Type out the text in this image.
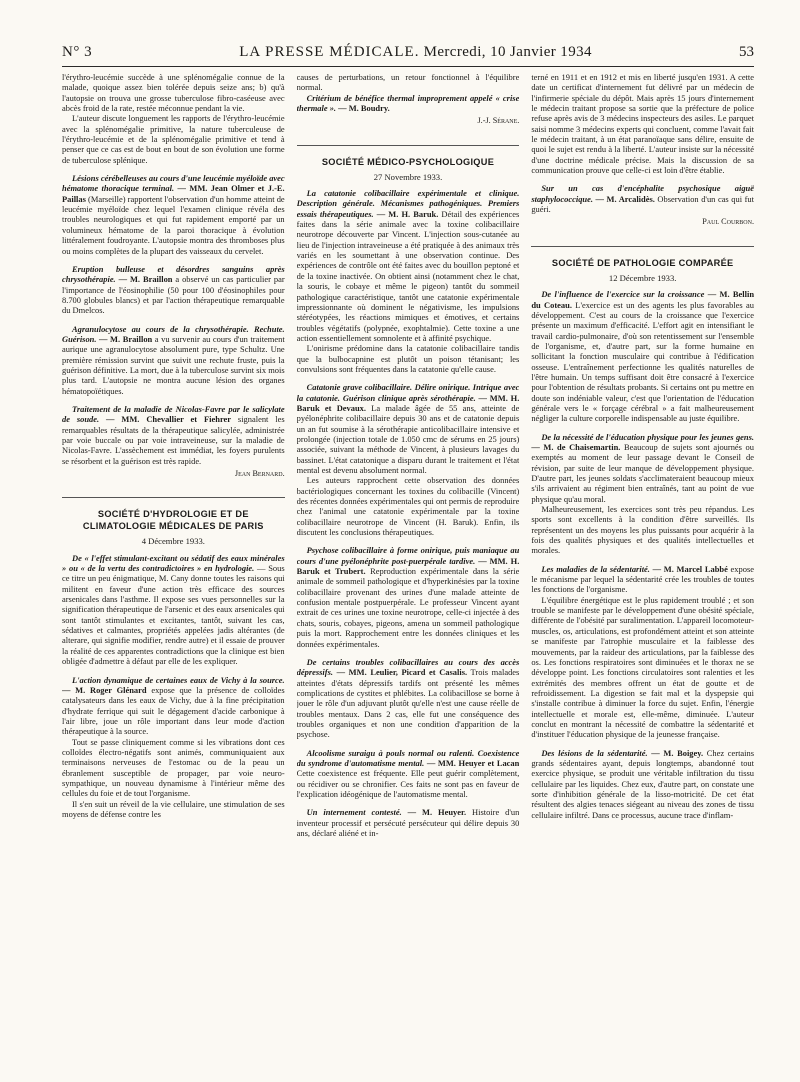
N° 3	LA PRESSE MÉDICALE. Mercredi, 10 Janvier 1934	53

l'érythro-leucémie succède à une splénomégalie connue de la malade, quoique assez bien tolérée depuis seize ans; b) qu'à l'autopsie on trouva une grosse tuberculose fibro-caséeuse avec abcès froid de la rate, restée méconnue pendant la vie.

L'auteur discute longuement les rapports de l'érythro-leucémie avec la splénomégalie primitive, la nature tuberculeuse de l'érythro-leucémie et de la splénomégalie primitive et tend à penser que ce cas est de bout en bout de son évolution une forme de tuberculose splénique.

Lésions cérébelleuses au cours d'une leucémie myéloïde avec hématome thoracique terminal. — MM. Jean Olmer et J.-E. Paillas (Marseille) rapportent l'observation d'un homme atteint de leucémie myéloïde chez lequel l'examen clinique révéla des troubles neurologiques et qui fut rapidement emporté par un volumineux hématome de la paroi thoracique à évolution littéralement foudroyante. L'autopsie montra des thromboses plus ou moins complètes de la plupart des vaisseaux du cervelet.

Eruption bulleuse et désordres sanguins après chrysothérapie. — M. Braillon a observé un cas particulier par l'importance de l'éosinophilie (50 pour 100 d'éosinophiles pour 8.700 globules blancs) et par l'action thérapeutique remarquable du Dmelcos.

Agranulocytose au cours de la chrysothérapie. Rechute. Guérison. — M. Braillon a vu survenir au cours d'un traitement aurique une agranulocytose absolument pure, type Schultz. Une première rémission survint que suivit une rechute fruste, puis la guérison définitive. La mort, due à la tuberculose survint six mois plus tard. L'autopsie ne montra aucune lésion des organes hématopoïétiques.

Traitement de la maladie de Nicolas-Favre par le salicylate de soude. — MM. Chevallier et Fiehrer signalent les remarquables résultats de la thérapeutique salicylée, administrée par voie buccale ou par voie intraveineuse, sur la maladie de Nicolas-Favre. L'assèchement est immédiat, les foyers purulents se résorbent et la guérison est très rapide.

Jean Bernard.
SOCIÉTÉ D'HYDROLOGIE ET DE CLIMATOLOGIE MÉDICALES DE PARIS
4 Décembre 1933.

De « l'effet stimulant-excitant ou sédatif des eaux minérales » ou « de la vertu des contradictoires » en hydrologie. — Sous ce titre un peu énigmatique, M. Cany donne toutes les raisons qui militent en faveur d'une action très efficace des sources arsenicales dans l'asthme. Il expose ses vues personnelles sur la signification thérapeutique de l'arsenic et des eaux arsenicales qui sont tantôt stimulantes et excitantes, tantôt, suivant les cas, sédatives et calmantes, propriétés appelées jadis altérantes (de alterare, qui signifie modifier, rendre autre) et il essaie de prouver la réalité de ces apparentes contradictions que la clinique est bien obligée d'admettre à défaut par elle de les expliquer.

L'action dynamique de certaines eaux de Vichy à la source. — M. Roger Glénard expose que la présence de colloïdes catalysateurs dans les eaux de Vichy, due à la fine précipitation d'hydrate ferrique qui suit le dégagement d'acide carbonique à l'air libre, joue un rôle important dans leur mode d'action thérapeutique à la source.

Tout se passe cliniquement comme si les vibrations dont ces colloïdes électro-négatifs sont animés, communiquaient aux terminaisons nerveuses de l'estomac ou de la peau un ébranlement susceptible de propager, par voie neuro-sympathique, un nouveau dynamisme à l'intérieur même des cellules du foie et de tout l'organisme.

Il s'en suit un réveil de la vie cellulaire, une stimulation de ses moyens de défense contre les

causes de perturbations, un retour fonctionnel à l'équilibre normal.

Critérium de bénéfice thermal improprement appelé « crise thermale ». — M. Boudry.

J.-J. Sérane.
SOCIÉTÉ MÉDICO-PSYCHOLOGIQUE
27 Novembre 1933.

La catatonie colibacillaire expérimentale et clinique. Description générale. Mécanismes pathogéniques. Premiers essais thérapeutiques. — M. H. Baruk. Détail des expériences faites dans la série animale avec la toxine colibacillaire neurotrope découverte par Vincent. L'injection sous-cutanée au lieu de l'injection intraveineuse a été pratiquée à des animaux très variés en les soumettant à une observation continue. Des expériences de contrôle ont été faites avec du bouillon peptoné et de la toxine inactivée. On obtient ainsi (notamment chez le chat, la souris, le cobaye et même le pigeon) tantôt du sommeil pathologique caractéristique, tantôt une catatonie expérimentale impressionnante où dominent le négativisme, les impulsions stéréotypées, les réactions mimiques et émotives, et certains troubles végétatifs (polypnée, exophtalmie). Cette toxine a une action essentiellement somnolente et à affinité psychique.

L'onirisme prédomine dans la catatonie colibacillaire tandis que la bulbocapnine est plutôt un poison tétanisant; les convulsions sont fréquentes dans la catatonie qu'elle cause.

Catatonie grave colibacillaire. Délire onirique. Intrique avec la catatonie. Guérison clinique après sérothérapie. — MM. H. Baruk et Devaux. La malade âgée de 55 ans, atteinte de pyélonéphrite colibacillaire depuis 30 ans et de catatonie depuis un an fut soumise à la sérothérapie anticolibacillaire intensive et prolongée (injection totale de 1.050 cmc de sérums en 25 jours) associée, suivant la méthode de Vincent, à plusieurs lavages du bassinet. L'état catatonique a disparu durant le traitement et l'état mental est devenu absolument normal.

Les auteurs rapprochent cette observation des données bactériologiques concernant les toxines du colibacille (Vincent) des récentes données expérimentales qui ont permis de reproduire chez l'animal une catatonie expérimentale par la toxine colibacillaire neurotrope de Vincent (H. Baruk). Enfin, ils discutent les conclusions thérapeutiques.

Psychose colibacillaire à forme onirique, puis maniaque au cours d'une pyélonéphrite post-puerpérale tardive. — MM. H. Baruk et Trubert. Reproduction expérimentale dans la série animale de sommeil pathologique et d'hyperkinésies par la toxine colibacillaire provenant des urines d'une malade atteinte de confusion mentale postpuerpérale. Le professeur Vincent ayant extrait de ces urines une toxine neurotrope, celle-ci injectée à des chats, souris, cobayes, pigeons, amena un sommeil pathologique puis la mort. Rapprochement entre les données cliniques et les données expérimentales.

De certains troubles colibacillaires au cours des accès dépressifs. — MM. Leulier, Picard et Casalis. Trois malades atteintes d'états dépressifs tardifs ont présenté les mêmes complications de cystites et phlébites. La colibacillose se borne à jouer le rôle d'un adjuvant plutôt qu'elle n'est une cause réelle de troubles mentaux. Dans 2 cas, elle fut une conséquence des troubles organiques et non une condition d'apparition de la psychose.

Alcoolisme suraigu à pouls normal ou ralenti. Coexistence du syndrome d'automatisme mental. — MM. Heuyer et Lacan Cette coexistence est fréquente. Elle peut guérir complètement, ou récidiver ou se chronifier. Ces faits ne sont pas en faveur de l'explication idéogénique de l'automatisme mental.

Un internement contesté. — M. Heuyer. Histoire d'un inventeur processif et persécuté persécuteur qui délire depuis 30 ans, déclaré aliéné et in-

terné en 1911 et en 1912 et mis en liberté jusqu'en 1931. A cette date un certificat d'internement fut délivré par un médecin de l'infirmerie spéciale du dépôt. Mais après 15 jours d'internement le médecin traitant propose sa sortie que la préfecture de police refuse après avis de 3 médecins inspecteurs des asiles. Le parquet saisi nomme 3 médecins experts qui concluent, comme l'avait fait le médecin traitant, à un état paranoïaque sans délire, ensuite de quoi le sujet est rendu à la liberté. L'auteur insiste sur la nécessité d'une doctrine médicale précise. Mais la discussion de sa communication prouve que celle-ci est loin d'être établie.

Sur un cas d'encéphalite psychosique aiguë staphylococcique. — M. Arcalidès. Observation d'un cas qui fut guéri.

Paul Courbon.
SOCIÉTÉ DE PATHOLOGIE COMPARÉE
12 Décembre 1933.

De l'influence de l'exercice sur la croissance — M. Bellin du Coteau. L'exercice est un des agents les plus favorables au développement. C'est au cours de la croissance que l'exercice présente un maximum d'efficacité. L'effort agit en intensifiant le travail cardio-pulmonaire, d'où son retentissement sur l'ensemble de l'organisme, et, d'autre part, sur la forme humaine en sollicitant la fonction musculaire qui contribue à l'édification osseuse. L'entraînement perfectionne les qualités naturelles de l'être humain. Un temps suffisant doit être consacré à l'exercice pour l'obtention de résultats probants. Si certains ont pu mettre en doute son indéniable valeur, c'est que l'orientation de l'éducation générale vers le « forçage cérébral » a fait malheureusement négliger la culture corporelle indispensable au juste équilibre.

De la nécessité de l'éducation physique pour les jeunes gens. — M. de Chaisemartin. Beaucoup de sujets sont ajournés ou exemptés au moment de leur passage devant le Conseil de révision, par suite de leur manque de développement physique. D'autre part, les jeunes soldats s'acclimateraient beaucoup mieux s'ils arrivaient au régiment bien entraînés, tant au point de vue physique qu'au moral.

Malheureusement, les exercices sont très peu répandus. Les sports sont excellents à la condition d'être surveillés. Ils représentent un des moyens les plus puissants pour acquérir à la fois des qualités physiques et des qualités intellectuelles et morales.

Les maladies de la sédentarité. — M. Marcel Labbé expose le mécanisme par lequel la sédentarité crée les troubles de toutes les fonctions de l'organisme.

L'équilibre énergétique est le plus rapidement troublé ; et son trouble se manifeste par le développement d'une obésité spéciale, différente de l'obésité par suralimentation. L'appareil locomoteur-muscles, os, articulations, est profondément atteint et son atteinte se manifeste par l'atrophie musculaire et la faiblesse des mouvements, par la raideur des articulations, par la faiblesse des os. Les fonctions respiratoires sont diminuées et le thorax ne se développe point. Les fonctions circulatoires sont ralenties et les extrémités des membres offrent un état de goutte et de refroidissement. La digestion se fait mal et la dyspepsie qui s'installe contribue à diminuer la force du sujet. Enfin, l'énergie intellectuelle et morale est, elle-même, diminuée. L'auteur conclut en montrant la nécessité de combattre la sédentarité et d'instituer l'éducation physique de la jeunesse française.

Des lésions de la sédentarité. — M. Boigey. Chez certains grands sédentaires ayant, depuis longtemps, abandonné tout exercice physique, se produit une véritable infiltration du tissu cellulaire par les liquides. Chez eux, d'autre part, on constate une sorte d'inhibition générale de la lisso-motricité. De cet état résultent des algies tenaces siégeant au niveau des zones de tissu cellulaire infiltré. Dans ce processus, aucune trace d'inflam-
